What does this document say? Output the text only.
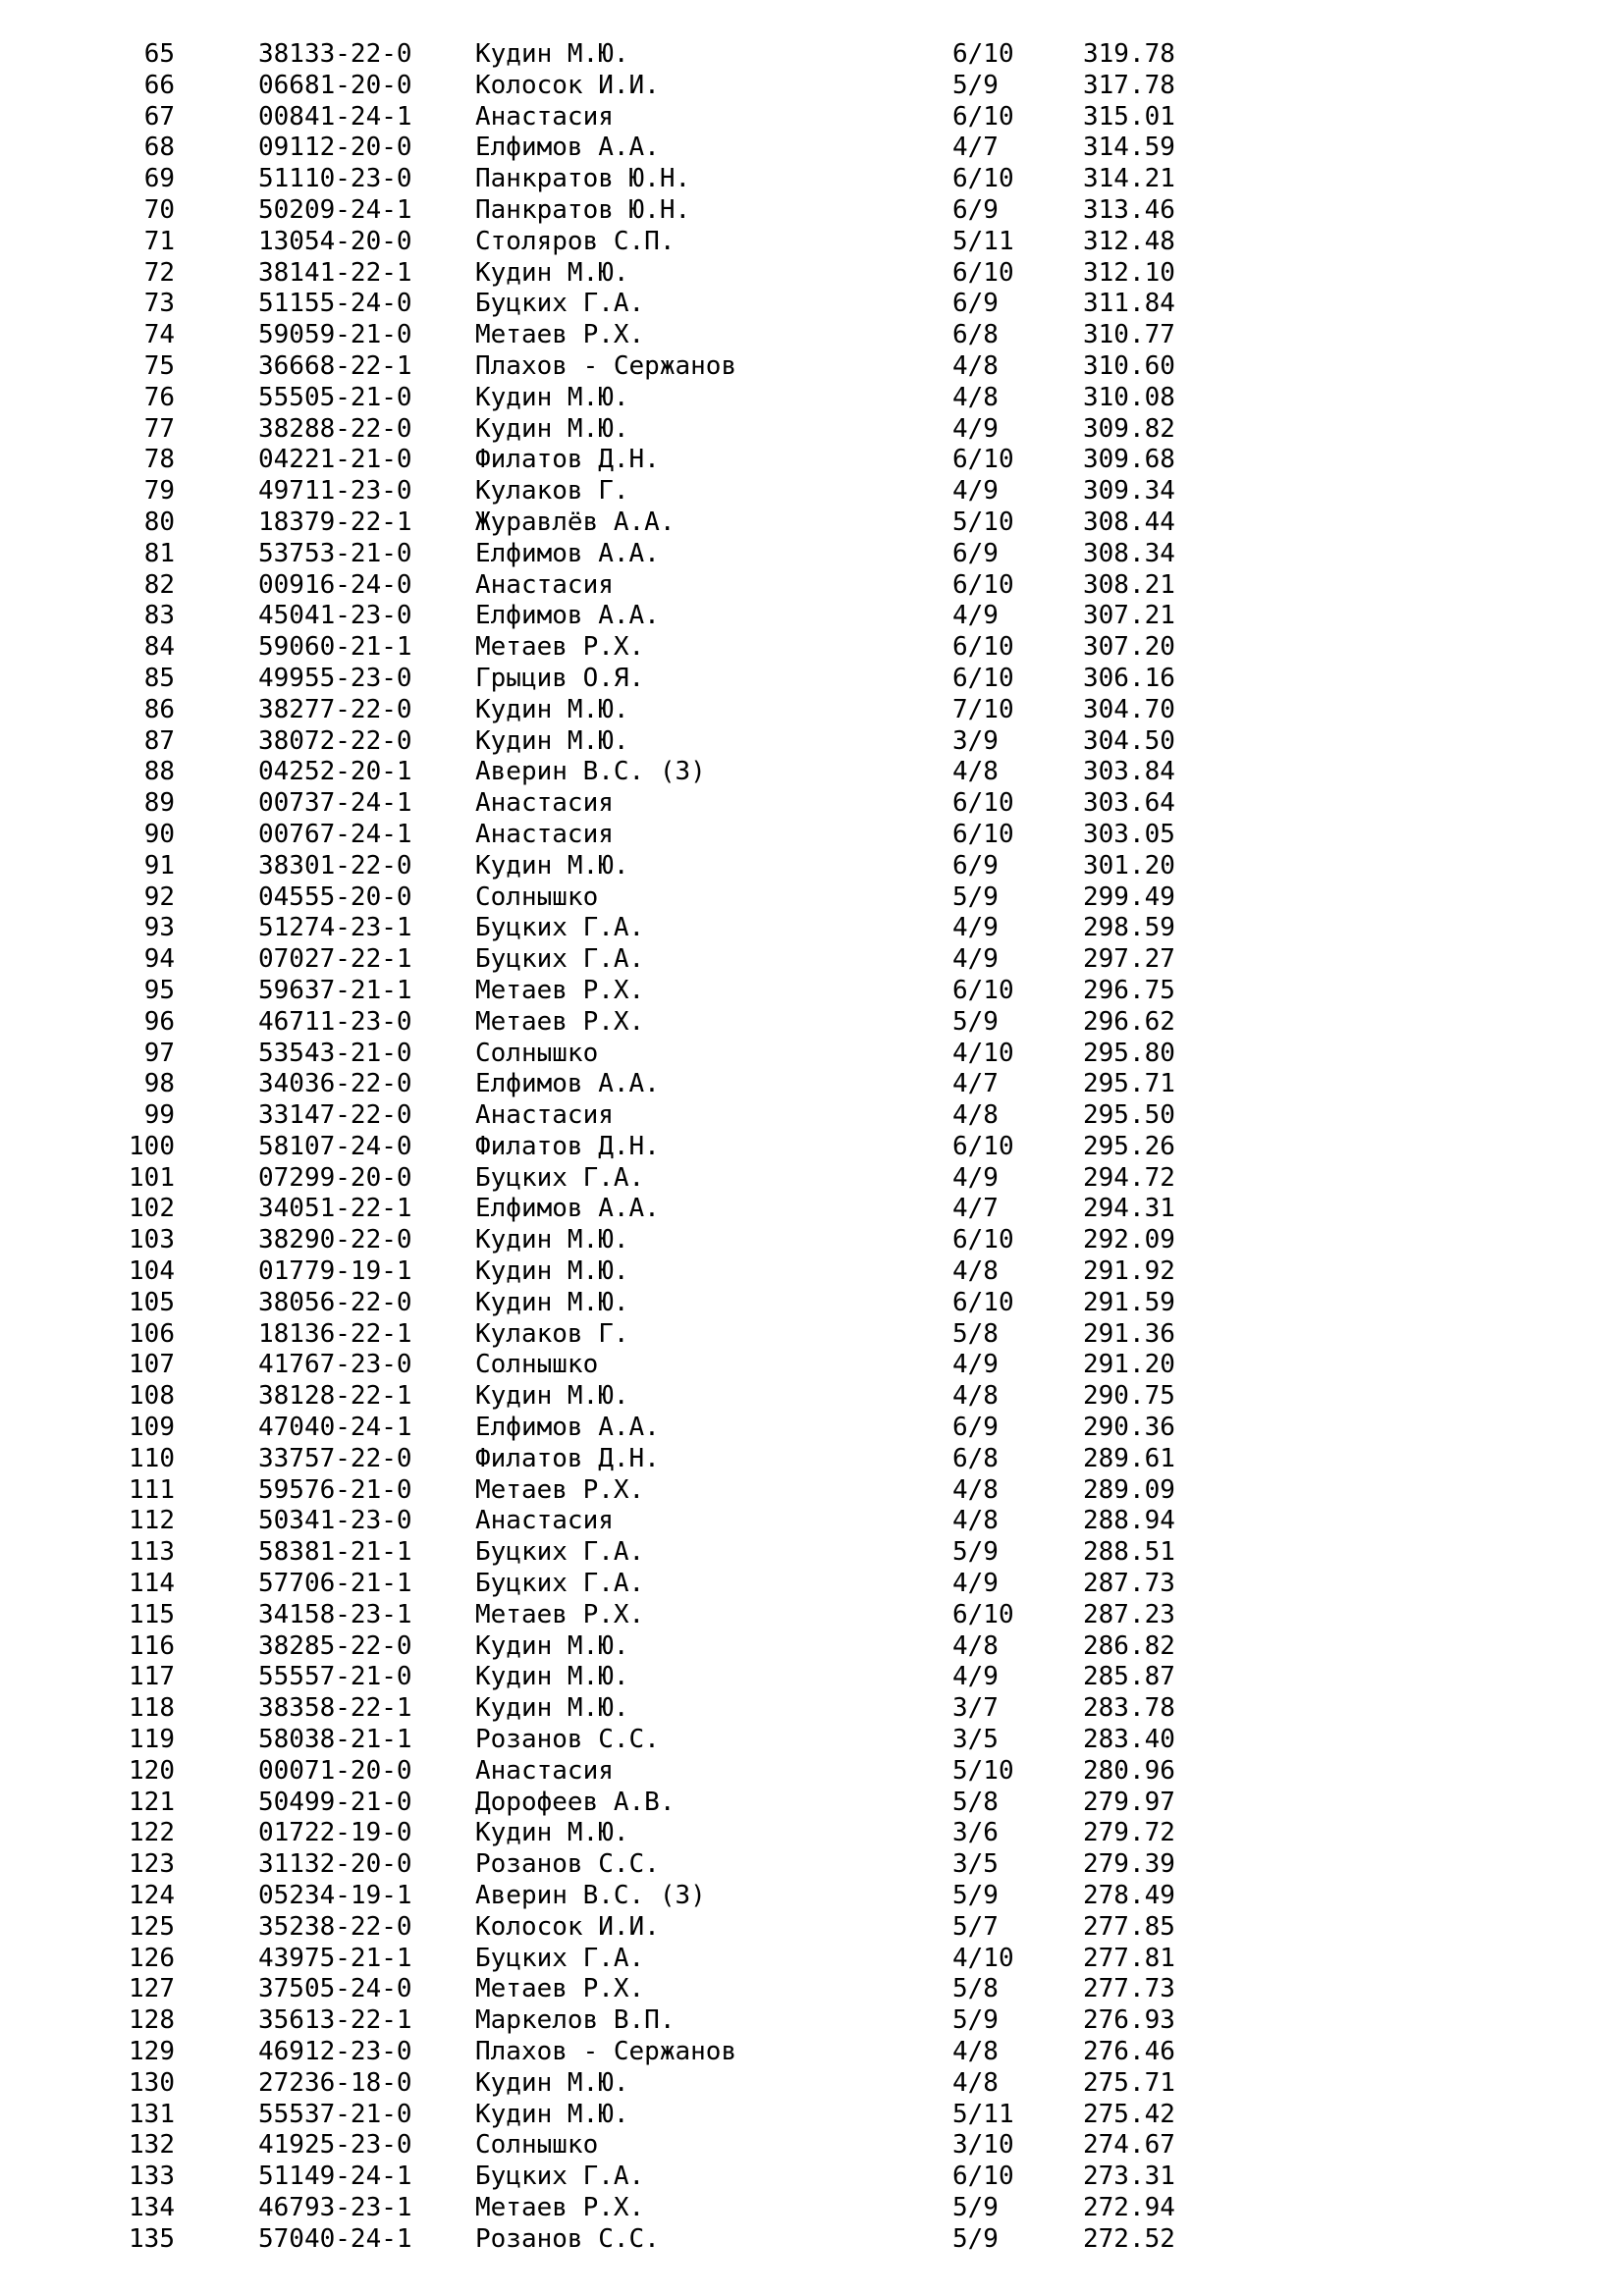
65	38133-22-0 Кудин М.Ю.	6/10	319.78
66	06681-20-0 Колосок И.И.	5/9	317.78
67	00841-24-1 Анастасия	6/10	315.01
68	09112-20-0 Елфимов А.А.	4/7	314.59
69	51110-23-0 Панкратов Ю.Н.	6/10	314.21
70	50209-24-1 Панкратов Ю.Н.	6/9	313.46
71	13054-20-0 Столяров С.П.	5/11	312.48
72	38141-22-1 Кудин М.Ю.	6/10	312.10
73	51155-24-0 Буцких Г.А.	6/9	311.84
74	59059-21-0 Метаев Р.Х.	6/8	310.77
75	36668-22-1 Плахов - Сержанов	4/8	310.60
76	55505-21-0 Кудин М.Ю.	4/8	310.08
77	38288-22-0 Кудин М.Ю.	4/9	309.82
78	04221-21-0 Филатов Д.Н.	6/10	309.68
79	49711-23-0 Кулаков Г.	4/9	309.34
80	18379-22-1 Журавлёв А.А.	5/10	308.44
81	53753-21-0 Елфимов А.А.	6/9	308.34
82	00916-24-0 Анастасия	6/10	308.21
83	45041-23-0 Елфимов А.А.	4/9	307.21
84	59060-21-1 Метаев Р.Х.	6/10	307.20
85	49955-23-0 Грыцив О.Я.	6/10	306.16
86	38277-22-0 Кудин М.Ю.	7/10	304.70
87	38072-22-0 Кудин М.Ю.	3/9	304.50
88	04252-20-1 Аверин В.С. (З)	4/8	303.84
89	00737-24-1 Анастасия	6/10	303.64
90	00767-24-1 Анастасия	6/10	303.05
91	38301-22-0 Кудин М.Ю.	6/9	301.20
92	04555-20-0 Солнышко	5/9	299.49
93	51274-23-1 Буцких Г.А.	4/9	298.59
94	07027-22-1 Буцких Г.А.	4/9	297.27
95	59637-21-1 Метаев Р.Х.	6/10	296.75
96	46711-23-0 Метаев Р.Х.	5/9	296.62
97	53543-21-0 Солнышко	4/10	295.80
98	34036-22-0 Елфимов А.А.	4/7	295.71
99	33147-22-0 Анастасия	4/8	295.50
100	58107-24-0 Филатов Д.Н.	6/10	295.26
101	07299-20-0 Буцких Г.А.	4/9	294.72
102	34051-22-1 Елфимов А.А.	4/7	294.31
103	38290-22-0 Кудин М.Ю.	6/10	292.09
104	01779-19-1 Кудин М.Ю.	4/8	291.92
105	38056-22-0 Кудин М.Ю.	6/10	291.59
106	18136-22-1 Кулаков Г.	5/8	291.36
107	41767-23-0 Солнышко	4/9	291.20
108	38128-22-1 Кудин М.Ю.	4/8	290.75
109	47040-24-1 Елфимов А.А.	6/9	290.36
110	33757-22-0 Филатов Д.Н.	6/8	289.61
111	59576-21-0 Метаев Р.Х.	4/8	289.09
112	50341-23-0 Анастасия	4/8	288.94
113	58381-21-1 Буцких Г.А.	5/9	288.51
114	57706-21-1 Буцких Г.А.	4/9	287.73
115	34158-23-1 Метаев Р.Х.	6/10	287.23
116	38285-22-0 Кудин М.Ю.	4/8	286.82
117	55557-21-0 Кудин М.Ю.	4/9	285.87
118	38358-22-1 Кудин М.Ю.	3/7	283.78
119	58038-21-1 Розанов С.С.	3/5	283.40
120	00071-20-0 Анастасия	5/10	280.96
121	50499-21-0 Дорофеев А.В.	5/8	279.97
122	01722-19-0 Кудин М.Ю.	3/6	279.72
123	31132-20-0 Розанов С.С.	3/5	279.39
124	05234-19-1 Аверин В.С. (З)	5/9	278.49
125	35238-22-0 Колосок И.И.	5/7	277.85
126	43975-21-1 Буцких Г.А.	4/10	277.81
127	37505-24-0 Метаев Р.Х.	5/8	277.73
128	35613-22-1 Маркелов В.П.	5/9	276.93
129	46912-23-0 Плахов - Сержанов	4/8	276.46
130	27236-18-0 Кудин М.Ю.	4/8	275.71
131	55537-21-0 Кудин М.Ю.	5/11	275.42
132	41925-23-0 Солнышко	3/10	274.67
133	51149-24-1 Буцких Г.А.	6/10	273.31
134	46793-23-1 Метаев Р.Х.	5/9	272.94
135	57040-24-1 Розанов С.С.	5/9	272.52
